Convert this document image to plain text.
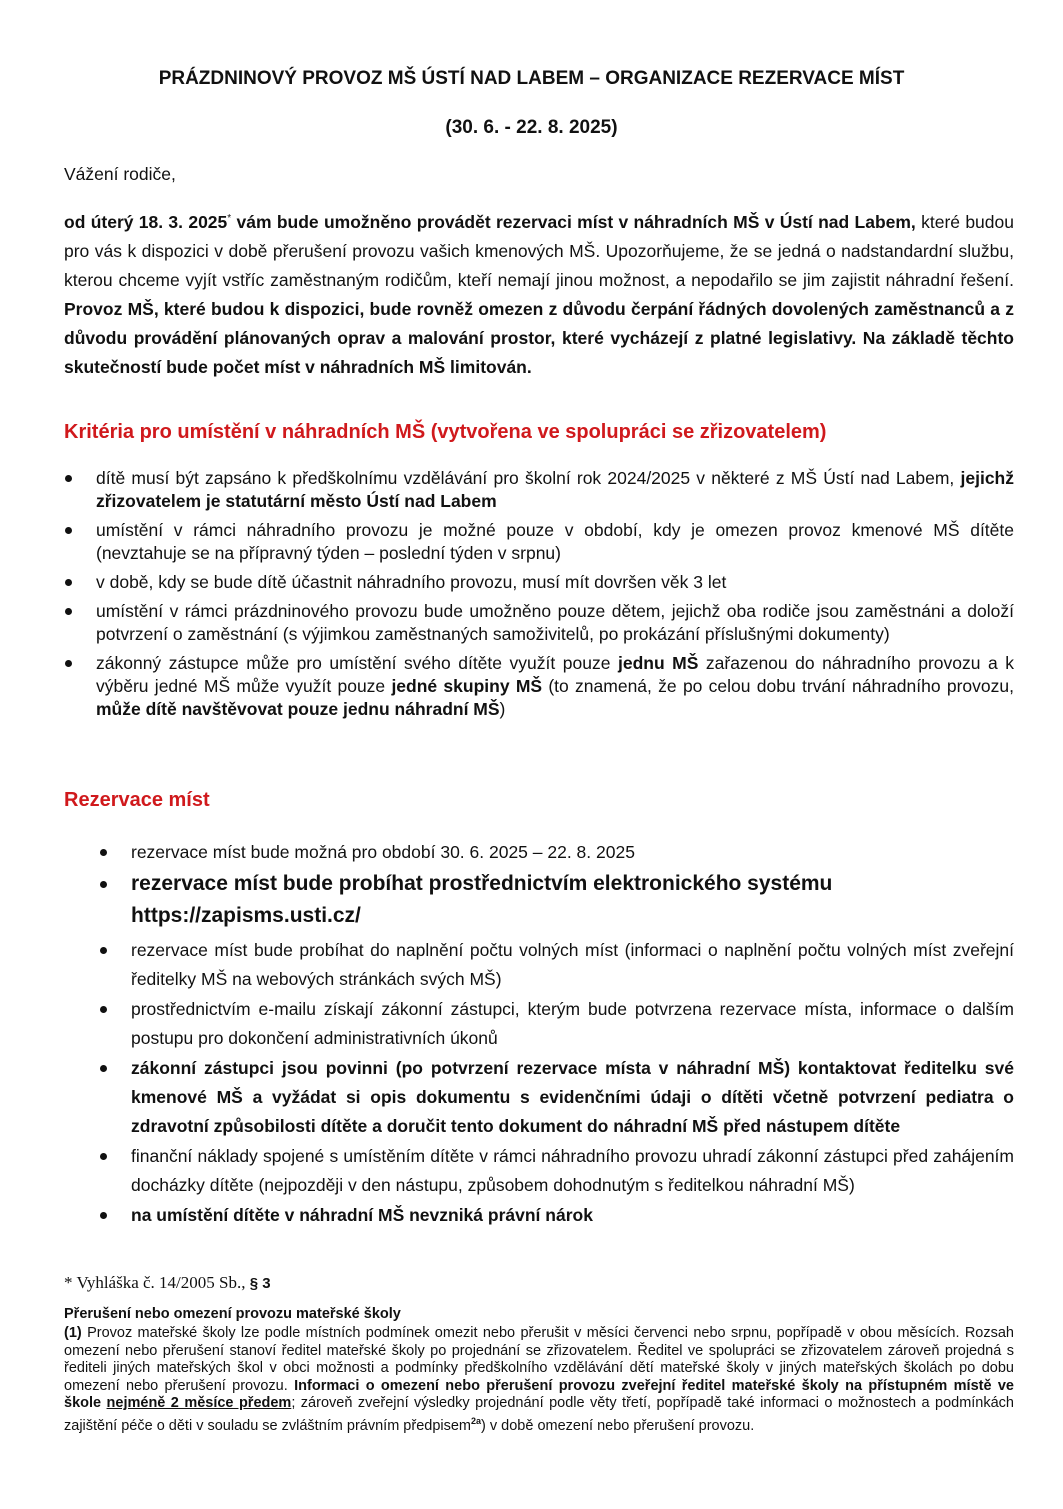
PRÁZDNINOVÝ PROVOZ MŠ ÚSTÍ NAD LABEM – ORGANIZACE REZERVACE MÍST
(30. 6. - 22. 8. 2025)
Vážení rodiče,

od úterý 18. 3. 2025* vám bude umožněno provádět rezervaci míst v náhradních MŠ v Ústí nad Labem, které budou pro vás k dispozici v době přerušení provozu vašich kmenových MŠ. Upozorňujeme, že se jedná o nadstandardní službu, kterou chceme vyjít vstříc zaměstnaným rodičům, kteří nemají jinou možnost, a nepodařilo se jim zajistit náhradní řešení. Provoz MŠ, které budou k dispozici, bude rovněž omezen z důvodu čerpání řádných dovolených zaměstnanců a z důvodu provádění plánovaných oprav a malování prostor, které vycházejí z platné legislativy. Na základě těchto skutečností bude počet míst v náhradních MŠ limitován.

Kritéria pro umístění v náhradních MŠ (vytvořena ve spolupráci se zřizovatelem)
dítě musí být zapsáno k předškolnímu vzdělávání pro školní rok 2024/2025 v některé z MŠ Ústí nad Labem, jejichž zřizovatelem je statutární město Ústí nad Labem
umístění v rámci náhradního provozu je možné pouze v období, kdy je omezen provoz kmenové MŠ dítěte (nevztahuje se na přípravný týden – poslední týden v srpnu)
v době, kdy se bude dítě účastnit náhradního provozu, musí mít dovršen věk 3 let
umístění v rámci prázdninového provozu bude umožněno pouze dětem, jejichž oba rodiče jsou zaměstnáni a doloží potvrzení o zaměstnání (s výjimkou zaměstnaných samoživitelů, po prokázání příslušnými dokumenty)
zákonný zástupce může pro umístění svého dítěte využít pouze jednu MŠ zařazenou do náhradního provozu a k výběru jedné MŠ může využít pouze jedné skupiny MŠ (to znamená, že po celou dobu trvání náhradního provozu, může dítě navštěvovat pouze jednu náhradní MŠ)
Rezervace míst
rezervace míst bude možná pro období 30. 6. 2025 – 22. 8. 2025
rezervace míst bude probíhat prostřednictvím elektronického systému
https://zapisms.usti.cz/
rezervace míst bude probíhat do naplnění počtu volných míst (informaci o naplnění počtu volných míst zveřejní ředitelky MŠ na webových stránkách svých MŠ)
prostřednictvím e-mailu získají zákonní zástupci, kterým bude potvrzena rezervace místa, informace o dalším postupu pro dokončení administrativních úkonů
zákonní zástupci jsou povinni (po potvrzení rezervace místa v náhradní MŠ) kontaktovat ředitelku své kmenové MŠ a vyžádat si opis dokumentu s evidenčními údaji o dítěti včetně potvrzení pediatra o zdravotní způsobilosti dítěte a doručit tento dokument do náhradní MŠ před nástupem dítěte
finanční náklady spojené s umístěním dítěte v rámci náhradního provozu uhradí zákonní zástupci před zahájením docházky dítěte (nejpozději v den nástupu, způsobem dohodnutým s ředitelkou náhradní MŠ)
na umístění dítěte v náhradní MŠ nevzniká právní nárok
* Vyhláška č. 14/2005 Sb., § 3
Přerušení nebo omezení provozu mateřské školy

(1) Provoz mateřské školy lze podle místních podmínek omezit nebo přerušit v měsíci červenci nebo srpnu, popřípadě v obou měsících. Rozsah omezení nebo přerušení stanoví ředitel mateřské školy po projednání se zřizovatelem. Ředitel ve spolupráci se zřizovatelem zároveň projedná s řediteli jiných mateřských škol v obci možnosti a podmínky předškolního vzdělávání dětí mateřské školy v jiných mateřských školách po dobu omezení nebo přerušení provozu. Informaci o omezení nebo přerušení provozu zveřejní ředitel mateřské školy na přístupném místě ve škole nejméně 2 měsíce předem; zároveň zveřejní výsledky projednání podle věty třetí, popřípadě také informaci o možnostech a podmínkách zajištění péče o děti v souladu se zvláštním právním předpisem$^{2a}$) v době omezení nebo přerušení provozu.
